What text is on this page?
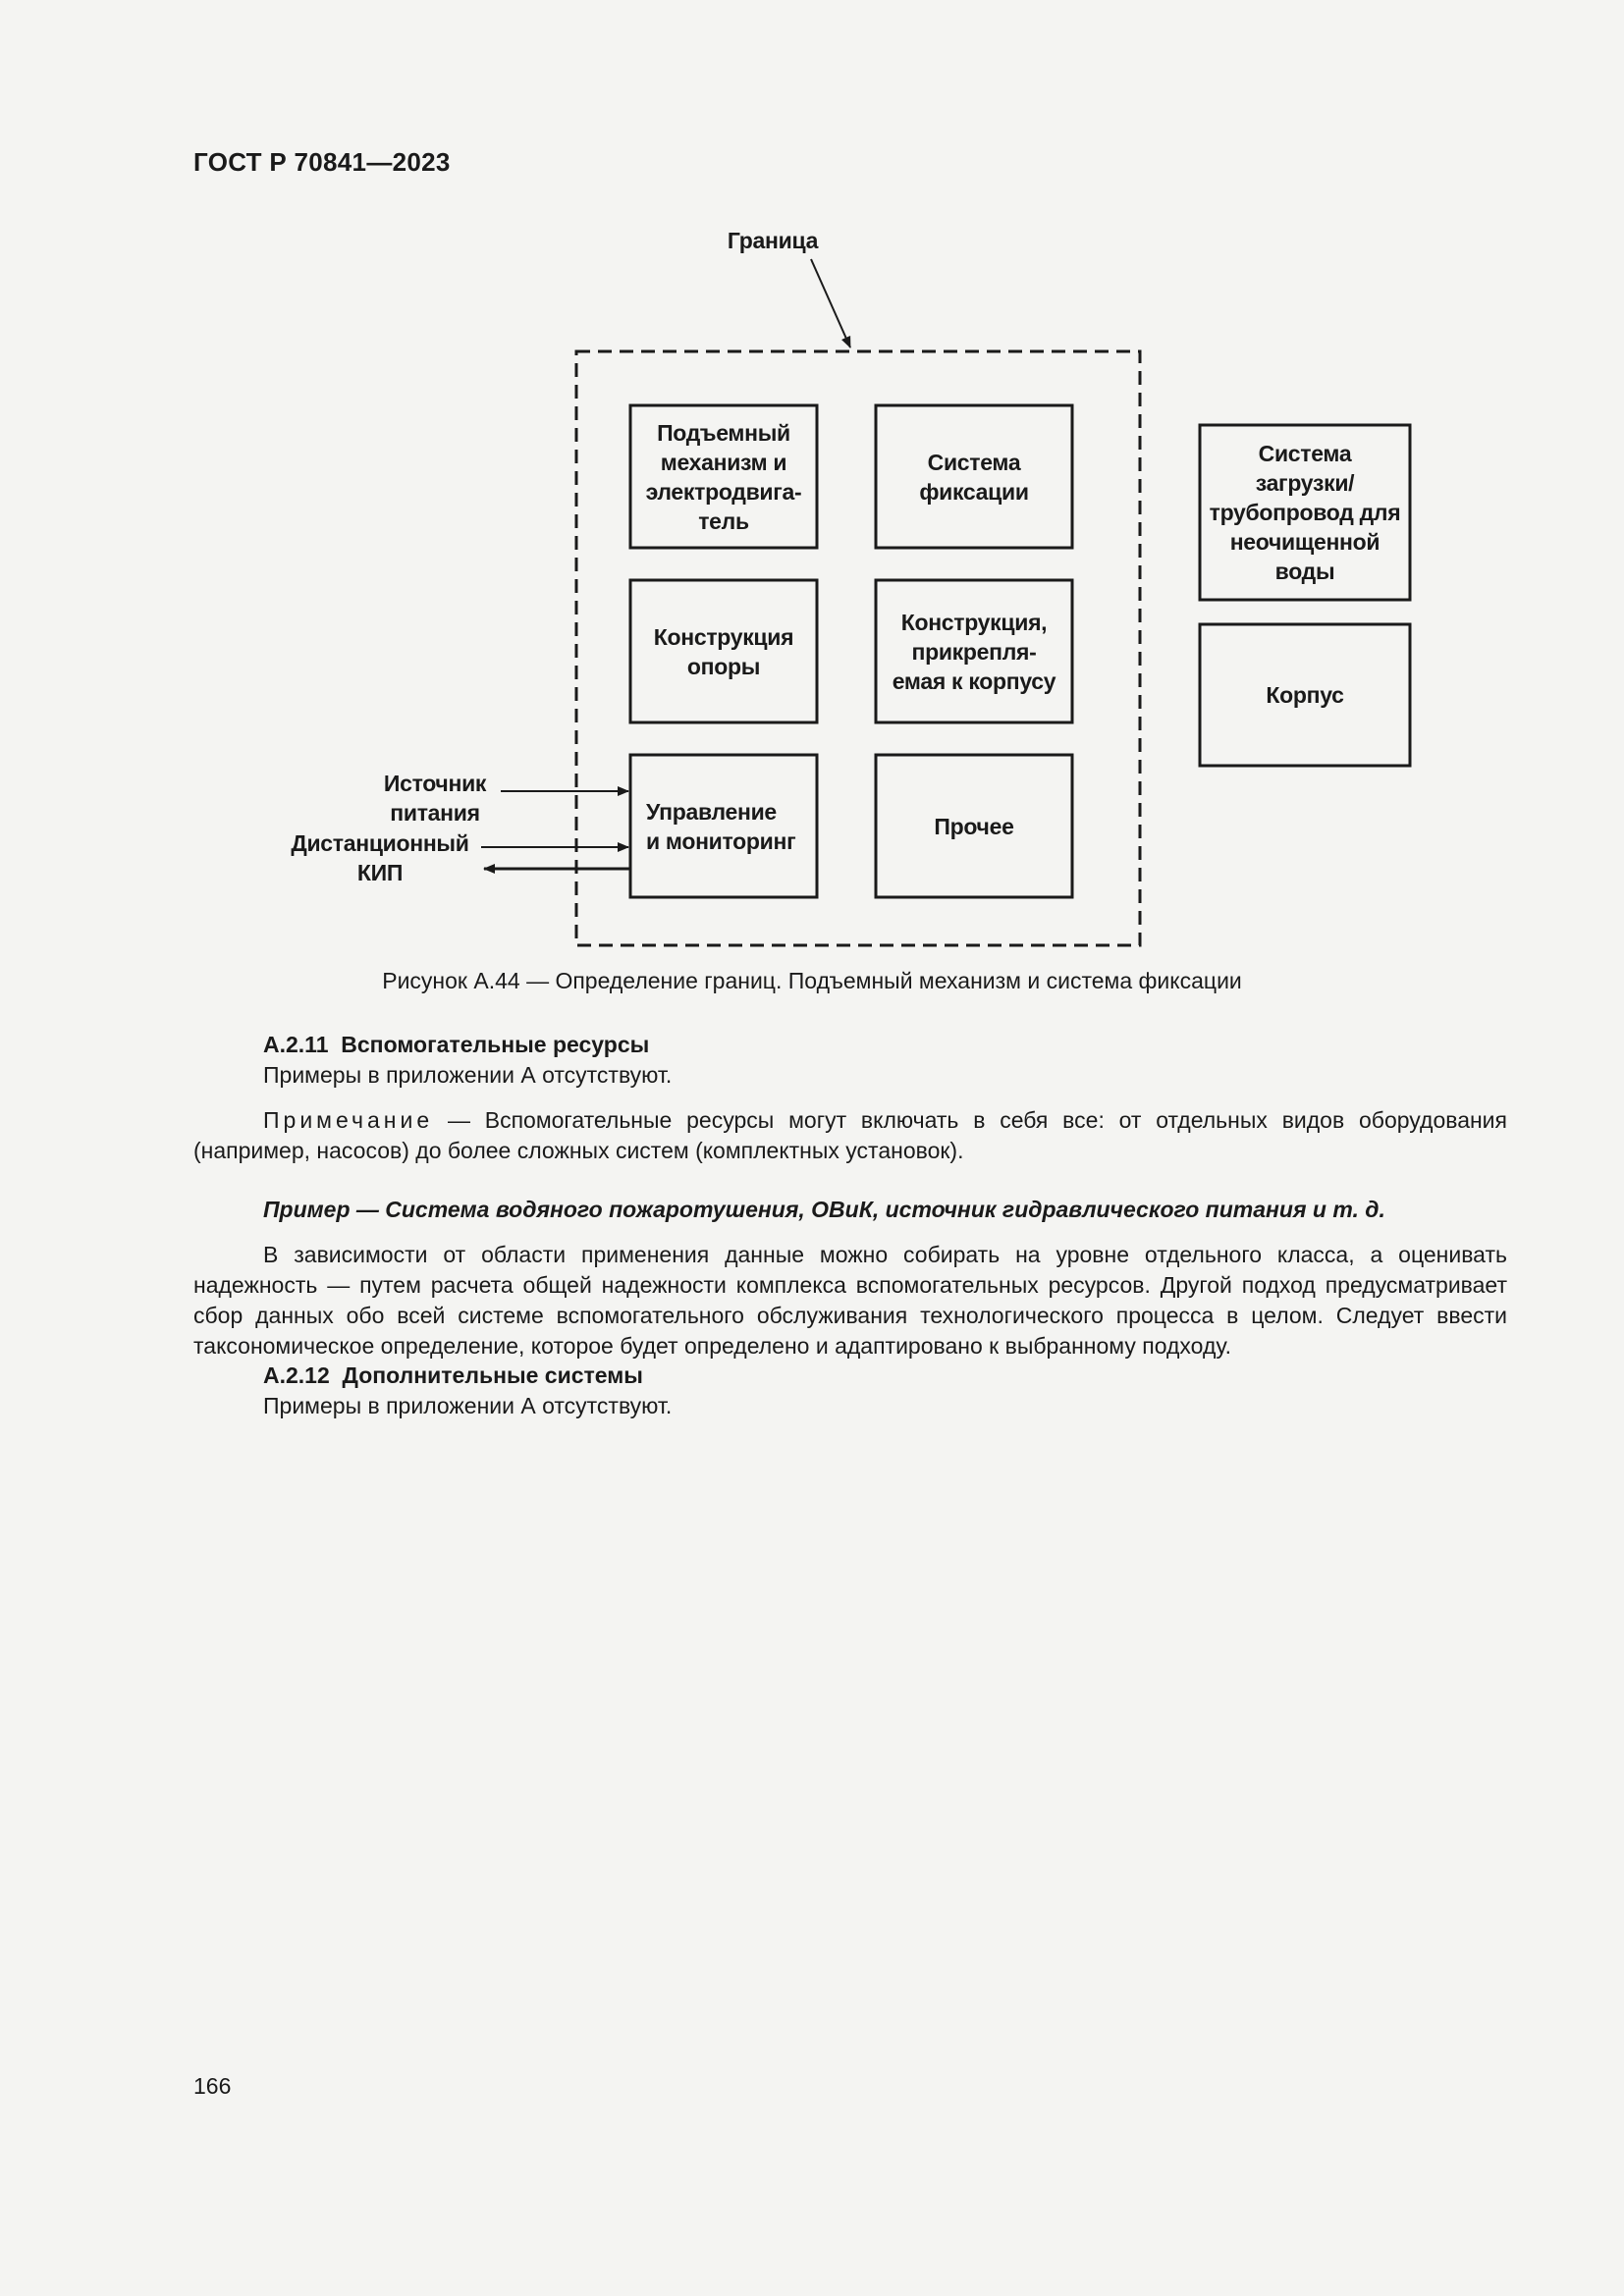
ГОСТ Р 70841—2023
Граница
Подъемный
механизм и
электродвига-
тель
Система
фиксации
Конструкция
опоры
Конструкция,
прикрепля-
емая к корпусу
Управление
и мониторинг
Прочее
Система
загрузки/
трубопровод для
неочищенной
воды
Корпус
Источник
питания
Дистанционный
КИП
Рисунок А.44 — Определение границ. Подъемный механизм и система фиксации
А.2.11 Вспомогательные ресурсы
Примеры в приложении А отсутствуют.
Примечание — Вспомогательные ресурсы могут включать в себя все: от отдельных видов оборудования (например, насосов) до более сложных систем (комплектных установок).
Пример — Система водяного пожаротушения, ОВиК, источник гидравлического питания и т. д.
В зависимости от области применения данные можно собирать на уровне отдельного класса, а оценивать надежность — путем расчета общей надежности комплекса вспомогательных ресурсов. Другой подход предусматривает сбор данных обо всей системе вспомогательного обслуживания технологического процесса в целом. Следует ввести таксономическое определение, которое будет определено и адаптировано к выбранному подходу.
А.2.12 Дополнительные системы
Примеры в приложении А отсутствуют.
166
